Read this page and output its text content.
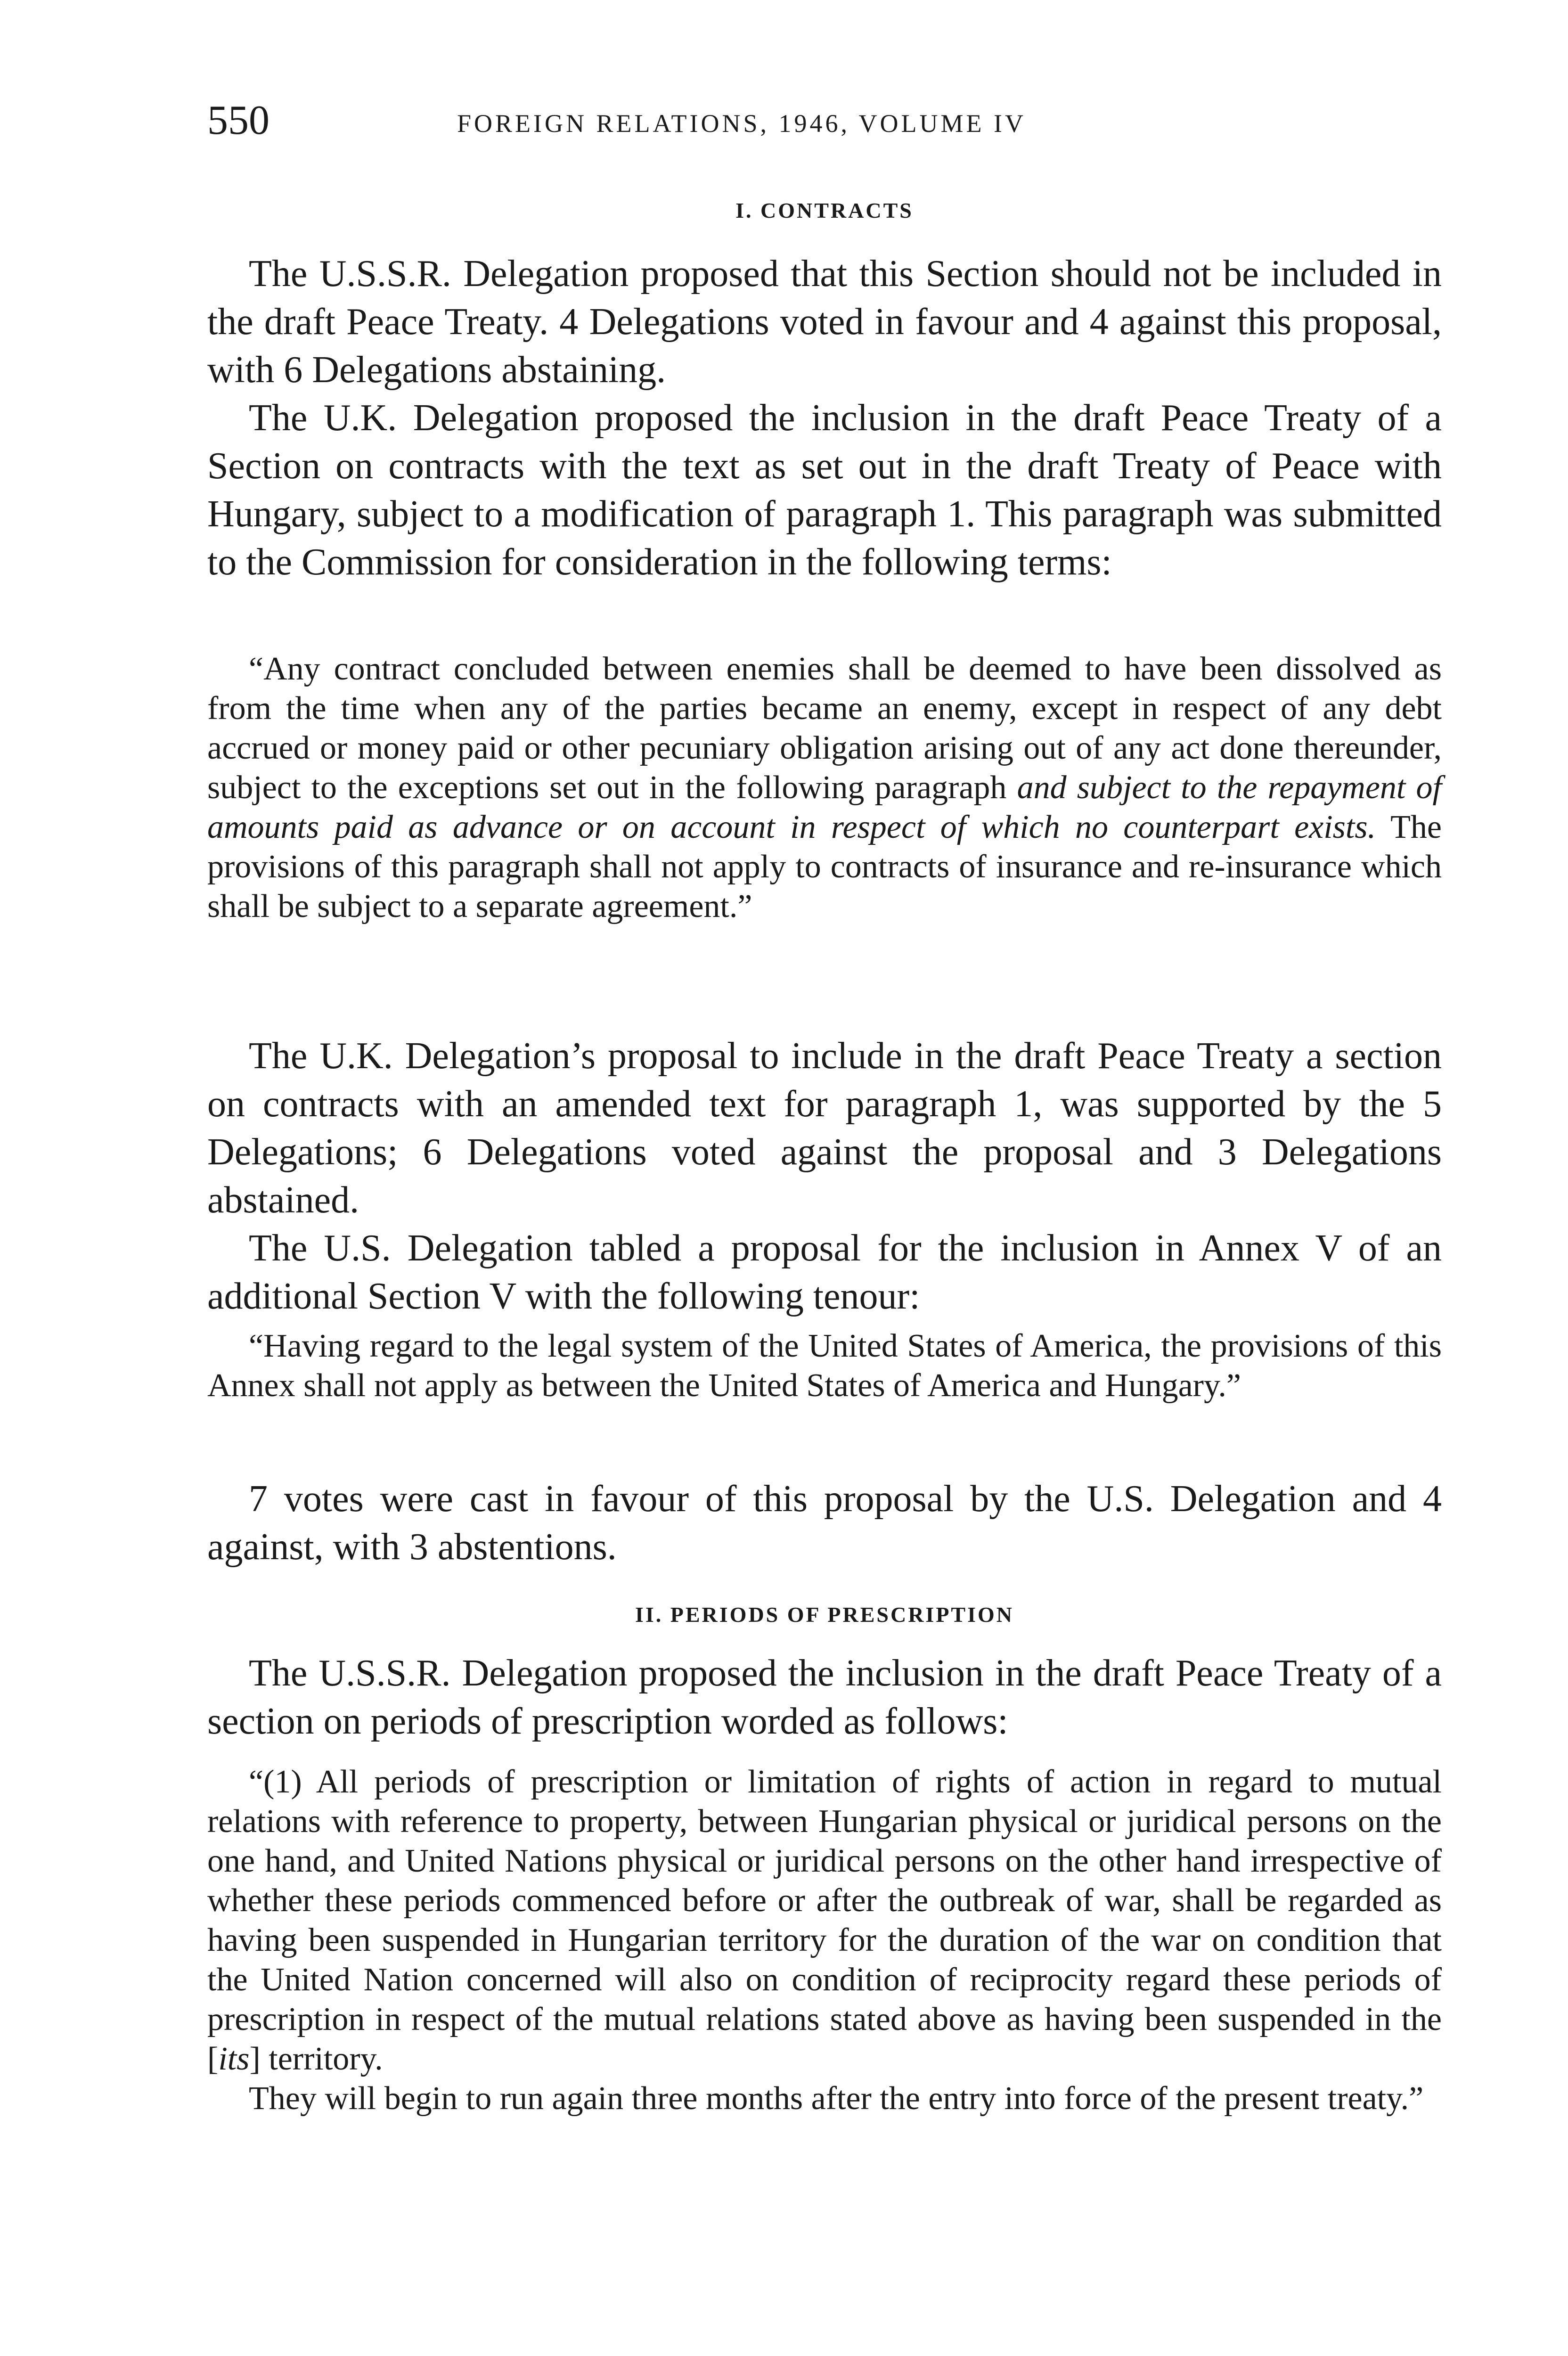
550	FOREIGN RELATIONS, 1946, VOLUME IV
I. CONTRACTS

The U.S.S.R. Delegation proposed that this Section should not be included in the draft Peace Treaty. 4 Delegations voted in favour and 4 against this proposal, with 6 Delegations abstaining.

The U.K. Delegation proposed the inclusion in the draft Peace Treaty of a Section on contracts with the text as set out in the draft Treaty of Peace with Hungary, subject to a modification of paragraph 1. This paragraph was submitted to the Commission for consideration in the following terms:

“Any contract concluded between enemies shall be deemed to have been dissolved as from the time when any of the parties became an enemy, except in respect of any debt accrued or money paid or other pecuniary obligation arising out of any act done thereunder, subject to the exceptions set out in the following paragraph and subject to the repayment of amounts paid as advance or on account in respect of which no counterpart exists. The provisions of this paragraph shall not apply to contracts of insurance and re-insurance which shall be subject to a separate agreement.”

The U.K. Delegation’s proposal to include in the draft Peace Treaty a section on contracts with an amended text for paragraph 1, was supported by the 5 Delegations; 6 Delegations voted against the proposal and 3 Delegations abstained.

The U.S. Delegation tabled a proposal for the inclusion in Annex V of an additional Section V with the following tenour:

“Having regard to the legal system of the United States of America, the provisions of this Annex shall not apply as between the United States of America and Hungary.”

7 votes were cast in favour of this proposal by the U.S. Delegation and 4 against, with 3 abstentions.

II. PERIODS OF PRESCRIPTION

The U.S.S.R. Delegation proposed the inclusion in the draft Peace Treaty of a section on periods of prescription worded as follows:

“(1) All periods of prescription or limitation of rights of action in regard to mutual relations with reference to property, between Hungarian physical or juridical persons on the one hand, and United Nations physical or juridical persons on the other hand irrespective of whether these periods commenced before or after the outbreak of war, shall be regarded as having been suspended in Hungarian territory for the duration of the war on condition that the United Nation concerned will also on condition of reciprocity regard these periods of prescription in respect of the mutual relations stated above as having been suspended in the [its] territory.

They will begin to run again three months after the entry into force of the present treaty.”
